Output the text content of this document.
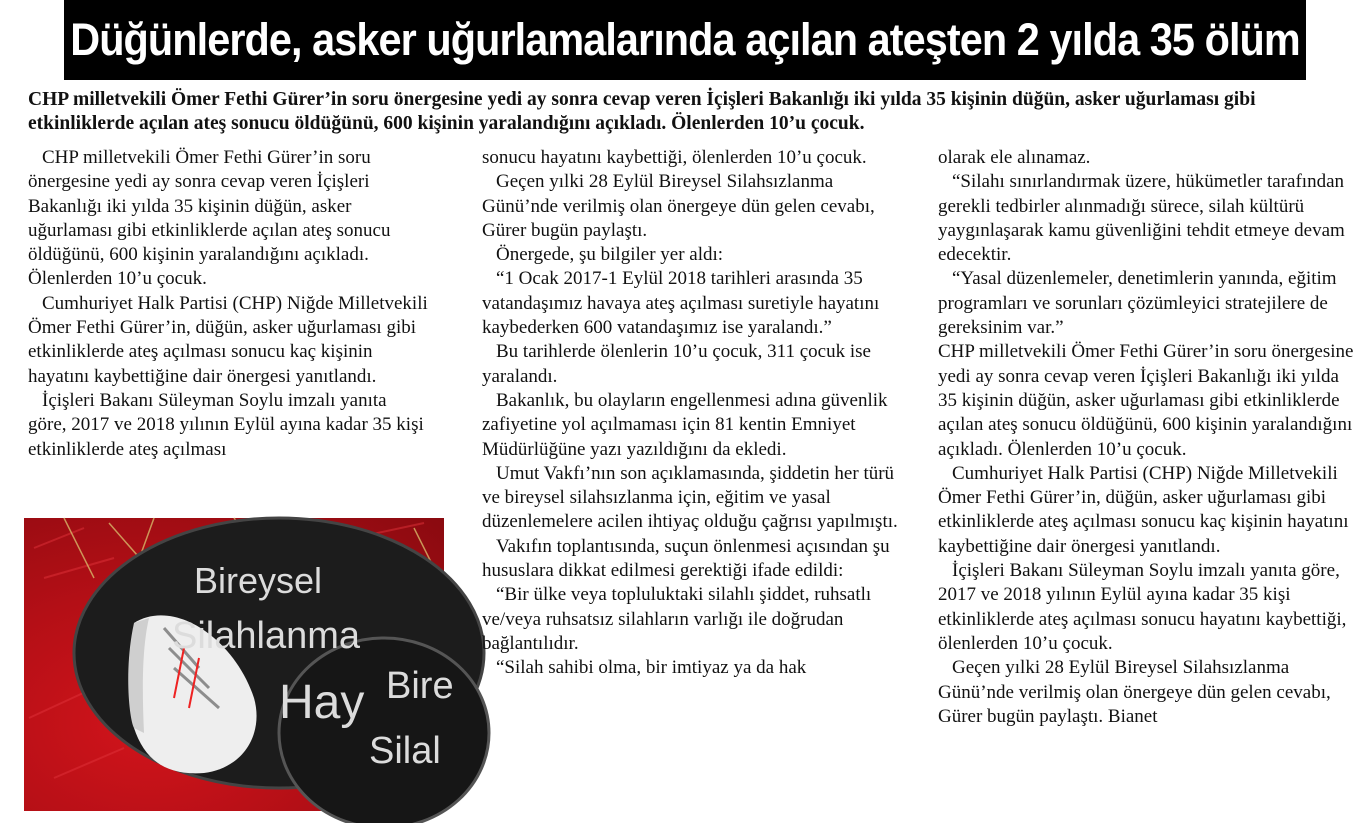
Düğünlerde, asker uğurlamalarında açılan ateşten 2 yılda 35 ölüm
CHP milletvekili Ömer Fethi Gürer’in soru önergesine yedi ay sonra cevap veren İçişleri Bakanlığı iki yılda 35 kişinin düğün, asker uğurlaması gibi etkinliklerde açılan ateş sonucu öldüğünü, 600 kişinin yaralandığını açıkladı. Ölenlerden 10’u çocuk.

CHP milletvekili Ömer Fethi Gürer’in soru önergesine yedi ay sonra cevap veren İçişleri Bakanlığı iki yılda 35 kişinin düğün, asker uğurlaması gibi etkinliklerde açılan ateş sonucu öldüğünü, 600 kişinin yaralandığını açıkladı. Ölenlerden 10’u çocuk.

Cumhuriyet Halk Partisi (CHP) Niğde Milletvekili Ömer Fethi Gürer’in, düğün, asker uğurlaması gibi etkinliklerde ateş açılması sonucu kaç kişinin hayatını kaybettiğine dair önergesi yanıtlandı.

İçişleri Bakanı Süleyman Soylu imzalı yanıta göre, 2017 ve 2018 yılının Eylül ayına kadar 35 kişi etkinliklerde ateş açılması

Bireysel
Silahlanma
Hay Bire
Silal

sonucu hayatını kaybettiği, ölenlerden 10’u çocuk.

Geçen yılki 28 Eylül Bireysel Silahsızlanma Günü’nde verilmiş olan önergeye dün gelen cevabı, Gürer bugün paylaştı.

Önergede, şu bilgiler yer aldı:

“1 Ocak 2017-1 Eylül 2018 tarihleri arasında 35 vatandaşımız havaya ateş açılması suretiyle hayatını kaybederken 600 vatandaşımız ise yaralandı.”

Bu tarihlerde ölenlerin 10’u çocuk, 311 çocuk ise yaralandı.

Bakanlık, bu olayların engellenmesi adına güvenlik zafiyetine yol açılmaması için 81 kentin Emniyet Müdürlüğüne yazı yazıldığını da ekledi.

Umut Vakfı’nın son açıklamasında, şiddetin her türü ve bireysel silahsızlanma için, eğitim ve yasal düzenlemelere acilen ihtiyaç olduğu çağrısı yapılmıştı.

Vakıfın toplantısında, suçun önlenmesi açısından şu hususlara dikkat edilmesi gerektiği ifade edildi:

“Bir ülke veya topluluktaki silahlı şiddet, ruhsatlı ve/veya ruhsatsız silahların varlığı ile doğrudan bağlantılıdır.

“Silah sahibi olma, bir imtiyaz ya da hak

olarak ele alınamaz.

“Silahı sınırlandırmak üzere, hükümetler tarafından gerekli tedbirler alınmadığı sürece, silah kültürü yaygınlaşarak kamu güvenliğini tehdit etmeye devam edecektir.

“Yasal düzenlemeler, denetimlerin yanında, eğitim programları ve sorunları çözümleyici stratejilere de gereksinim var.”

CHP milletvekili Ömer Fethi Gürer’in soru önergesine yedi ay sonra cevap veren İçişleri Bakanlığı iki yılda 35 kişinin düğün, asker uğurlaması gibi etkinliklerde açılan ateş sonucu öldüğünü, 600 kişinin yaralandığını açıkladı. Ölenlerden 10’u çocuk.

Cumhuriyet Halk Partisi (CHP) Niğde Milletvekili Ömer Fethi Gürer’in, düğün, asker uğurlaması gibi etkinliklerde ateş açılması sonucu kaç kişinin hayatını kaybettiğine dair önergesi yanıtlandı.

İçişleri Bakanı Süleyman Soylu imzalı yanıta göre, 2017 ve 2018 yılının Eylül ayına kadar 35 kişi etkinliklerde ateş açılması sonucu hayatını kaybettiği, ölenlerden 10’u çocuk.

Geçen yılki 28 Eylül Bireysel Silahsızlanma Günü’nde verilmiş olan önergeye dün gelen cevabı, Gürer bugün paylaştı. Bianet
